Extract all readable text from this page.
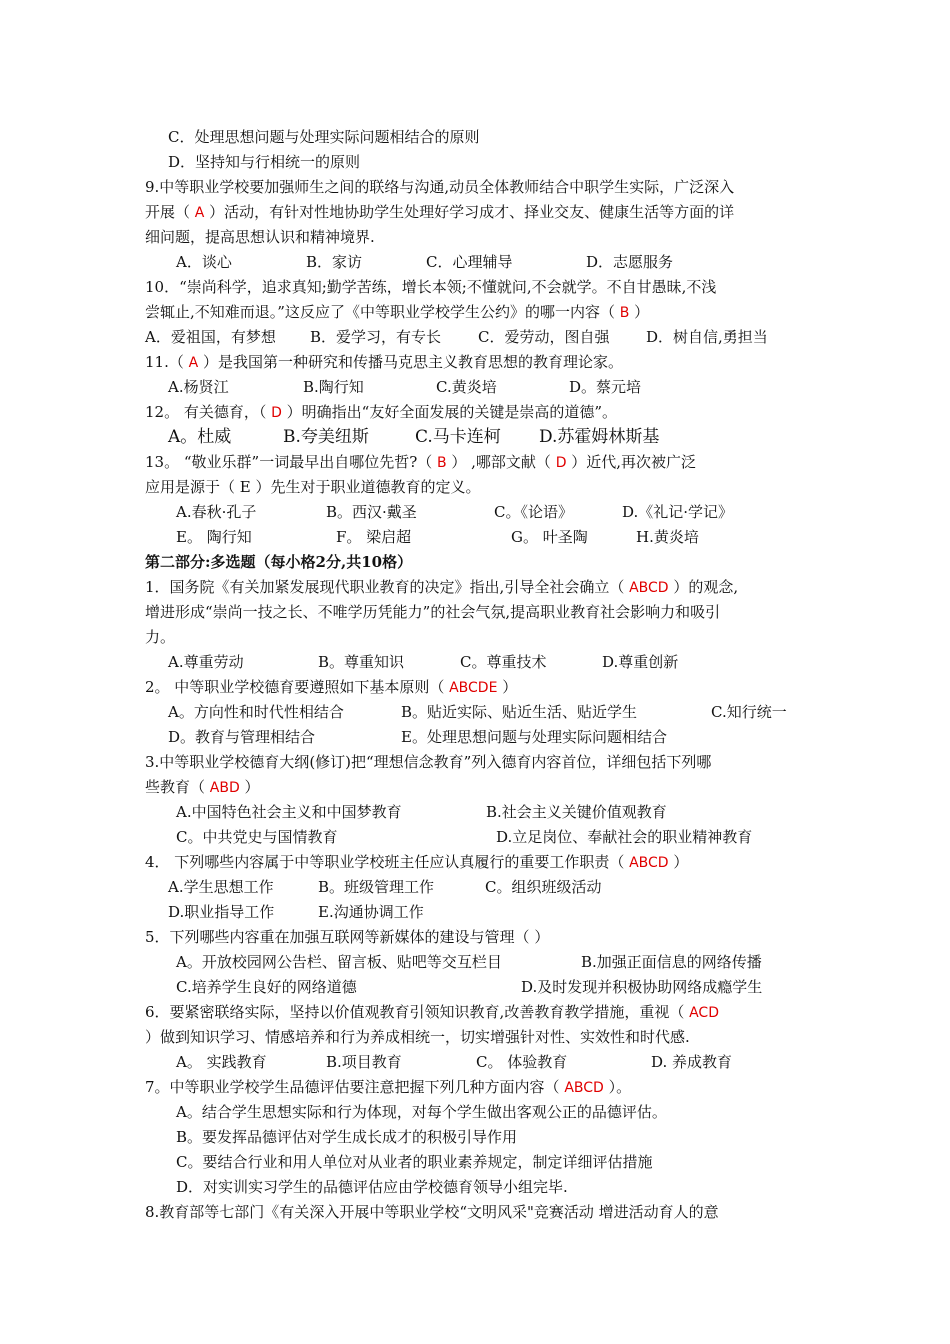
C．处理思想问题与处理实际问题相结合的原则
D．坚持知与行相统一的原则
9.中等职业学校要加强师生之间的联络与沟通,动员全体教师结合中职学生实际，广泛深入
开展（ A ）活动，有针对性地协助学生处理好学习成才、择业交友、健康生活等方面的详
细问题，提高思想认识和精神境界.
A．谈心	B．家访	C．心理辅导	D．志愿服务
10．“崇尚科学，追求真知;勤学苦练，增长本领;不懂就问,不会就学。不自甘愚昧,不浅
尝辄止,不知难而退。”这反应了《中等职业学校学生公约》的哪一内容（ B ）
A．爱祖国，有梦想 B．爱学习，有专长 C．爱劳动，图自强 D．树自信,勇担当
11.（ A ）是我国第一种研究和传播马克思主义教育思想的教育理论家。
A.杨贤江	B.陶行知	C.黄炎培	D。蔡元培
12。 有关德育，（ D ）明确指出“友好全面发展的关键是崇高的道德”。
A。杜威	B.夸美纽斯	C.马卡连柯 D.苏霍姆林斯基
13。 “敬业乐群”一词最早出自哪位先哲?（ B ） ,哪部文献（ D ）近代,再次被广泛
应用是源于（ E ）先生对于职业道德教育的定义。
A.春秋·孔子	B。西汉·戴圣	C。《论语》	D.《礼记·学记》
E。 陶行知	F。 梁启超	G。 叶圣陶	H.黄炎培
第二部分:多选题（每小格2分,共10格）
1．国务院《有关加紧发展现代职业教育的决定》指出,引导全社会确立（ ABCD ）的观念,
增进形成“崇尚一技之长、不唯学历凭能力”的社会气氛,提高职业教育社会影响力和吸引
力。
A.尊重劳动	B。尊重知识	C。尊重技术	D.尊重创新
2。 中等职业学校德育要遵照如下基本原则（ ABCDE ）
A。方向性和时代性相结合	B。贴近实际、贴近生活、贴近学生	C.知行统一
D。教育与管理相结合	E。处理思想问题与处理实际问题相结合
3.中等职业学校德育大纲(修订)把“理想信念教育”列入德育内容首位，详细包括下列哪
些教育（ ABD ）
A.中国特色社会主义和中国梦教育	B.社会主义关键价值观教育
C。中共党史与国情教育	D.立足岗位、奉献社会的职业精神教育
4． 下列哪些内容属于中等职业学校班主任应认真履行的重要工作职责（ ABCD ）
A.学生思想工作	B。班级管理工作	C。组织班级活动
D.职业指导工作	E.沟通协调工作
5．下列哪些内容重在加强互联网等新媒体的建设与管理（ ）
A。开放校园网公告栏、留言板、贴吧等交互栏目	B.加强正面信息的网络传播
C.培养学生良好的网络道德	D.及时发现并积极协助网络成瘾学生
6．要紧密联络实际，坚持以价值观教育引领知识教育,改善教育教学措施，重视（ ACD
）做到知识学习、情感培养和行为养成相统一，切实增强针对性、实效性和时代感.
A。 实践教育	B.项目教育	C。 体验教育	D. 养成教育
7。中等职业学校学生品德评估要注意把握下列几种方面内容（ ABCD ）。
A。结合学生思想实际和行为体现，对每个学生做出客观公正的品德评估。
B。要发挥品德评估对学生成长成才的积极引导作用
C。要结合行业和用人单位对从业者的职业素养规定，制定详细评估措施
D．对实训实习学生的品德评估应由学校德育领导小组完毕.
8.教育部等七部门《有关深入开展中等职业学校“文明风采"竞赛活动 增进活动育人的意
